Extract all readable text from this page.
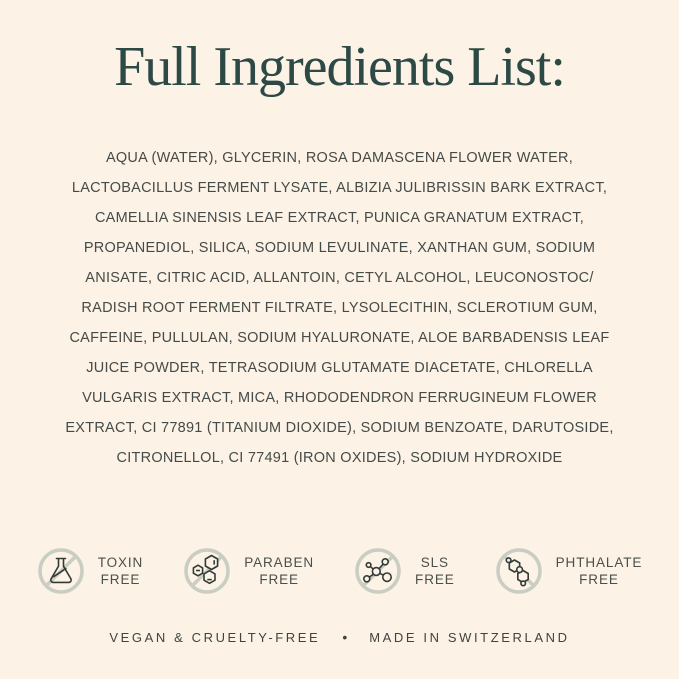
Full Ingredients List:
AQUA (WATER), GLYCERIN, ROSA DAMASCENA FLOWER WATER,
LACTOBACILLUS FERMENT LYSATE, ALBIZIA JULIBRISSIN BARK EXTRACT,
CAMELLIA SINENSIS LEAF EXTRACT, PUNICA GRANATUM EXTRACT,
PROPANEDIOL, SILICA, SODIUM LEVULINATE, XANTHAN GUM, SODIUM
ANISATE, CITRIC ACID, ALLANTOIN, CETYL ALCOHOL, LEUCONOSTOC/
RADISH ROOT FERMENT FILTRATE, LYSOLECITHIN, SCLEROTIUM GUM,
CAFFEINE, PULLULAN, SODIUM HYALURONATE, ALOE BARBADENSIS LEAF
JUICE POWDER, TETRASODIUM GLUTAMATE DIACETATE, CHLORELLA
VULGARIS EXTRACT, MICA, RHODODENDRON FERRUGINEUM FLOWER
EXTRACT, CI 77891 (TITANIUM DIOXIDE), SODIUM BENZOATE, DARUTOSIDE,
CITRONELLOL, CI 77491 (IRON OXIDES), SODIUM HYDROXIDE
TOXIN
FREE
PARABEN
FREE
SLS
FREE
PHTHALATE
FREE
VEGAN & CRUELTY-FREE • MADE IN SWITZERLAND
